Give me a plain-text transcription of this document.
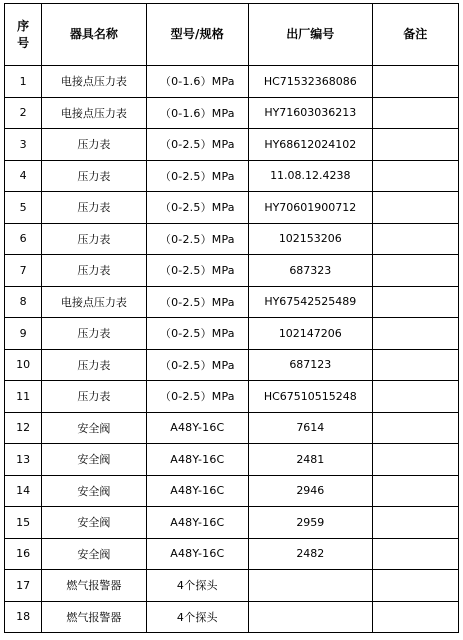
序
号	器具名称	型号/规格	出厂编号	备注
1	电接点压力表	（0-1.6）MPa	HC71532368086	
2	电接点压力表	（0-1.6）MPa	HY71603036213	
3	压力表	（0-2.5）MPa	HY68612024102	
4	压力表	（0-2.5）MPa	11.08.12.4238	
5	压力表	（0-2.5）MPa	HY70601900712	
6	压力表	（0-2.5）MPa	102153206	
7	压力表	（0-2.5）MPa	687323	
8	电接点压力表	（0-2.5）MPa	HY67542525489	
9	压力表	（0-2.5）MPa	102147206	
10	压力表	（0-2.5）MPa	687123	
11	压力表	（0-2.5）MPa	HC67510515248	
12	安全阀	A48Y-16C	7614	
13	安全阀	A48Y-16C	2481	
14	安全阀	A48Y-16C	2946	
15	安全阀	A48Y-16C	2959	
16	安全阀	A48Y-16C	2482	
17	燃气报警器	4个探头		
18	燃气报警器	4个探头		
